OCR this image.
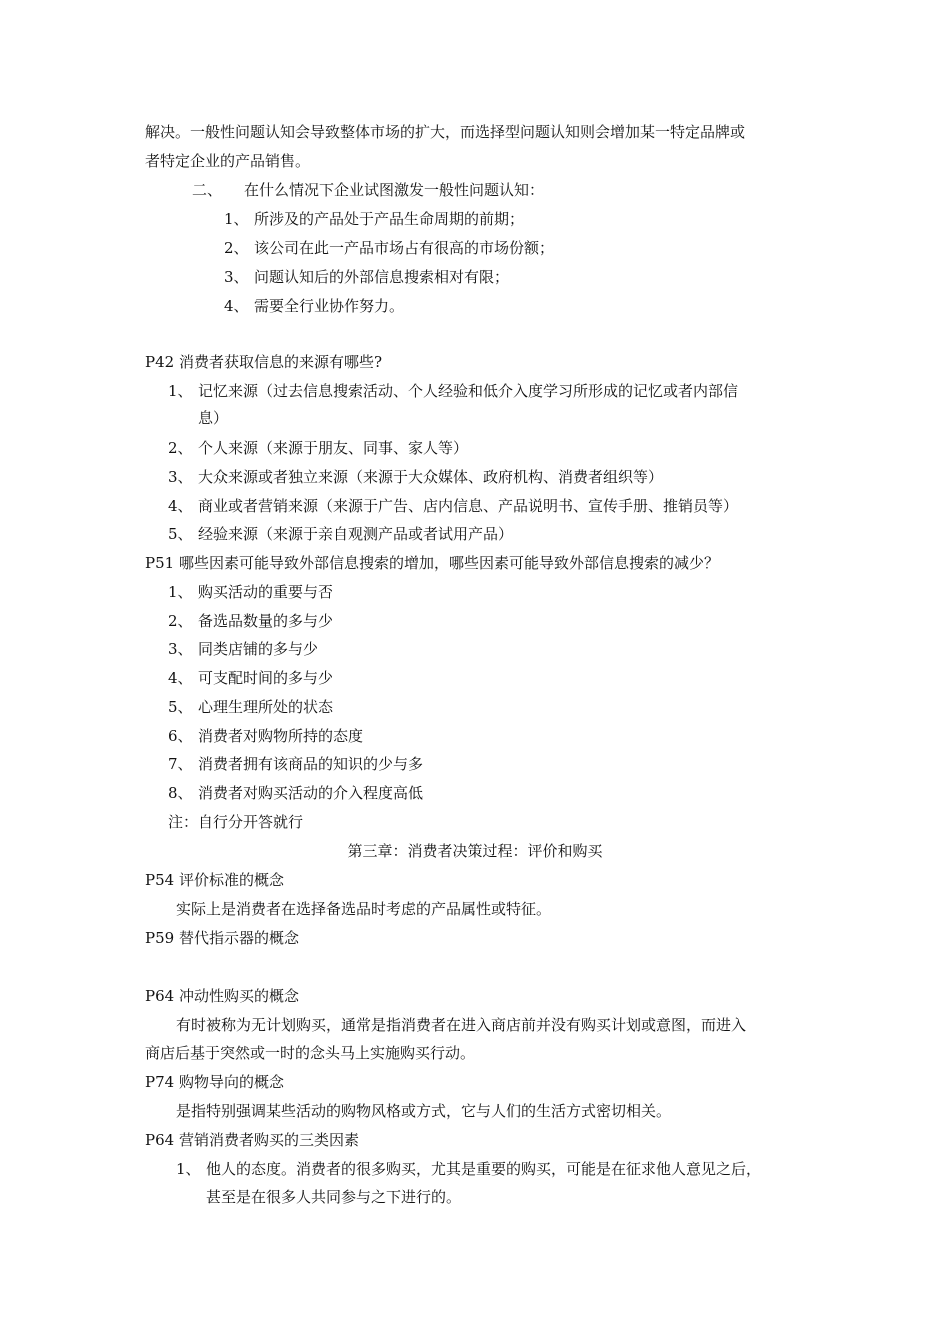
解决。一般性问题认知会导致整体市场的扩大，而选择型问题认知则会增加某一特定品牌或
者特定企业的产品销售。
二、 在什么情况下企业试图激发一般性问题认知：
1、 所涉及的产品处于产品生命周期的前期；
2、 该公司在此一产品市场占有很高的市场份额；
3、 问题认知后的外部信息搜索相对有限；
4、 需要全行业协作努力。
P42 消费者获取信息的来源有哪些?
1、 记忆来源（过去信息搜索活动、个人经验和低介入度学习所形成的记忆或者内部信
息）
2、 个人来源（来源于朋友、同事、家人等）
3、 大众来源或者独立来源（来源于大众媒体、政府机构、消费者组织等）
4、 商业或者营销来源（来源于广告、店内信息、产品说明书、宣传手册、推销员等）
5、 经验来源（来源于亲自观测产品或者试用产品）
P51 哪些因素可能导致外部信息搜索的增加，哪些因素可能导致外部信息搜索的减少？
1、 购买活动的重要与否
2、 备选品数量的多与少
3、 同类店铺的多与少
4、 可支配时间的多与少
5、 心理生理所处的状态
6、 消费者对购物所持的态度
7、 消费者拥有该商品的知识的少与多
8、 消费者对购买活动的介入程度高低
注：自行分开答就行
第三章：消费者决策过程：评价和购买
P54 评价标准的概念
实际上是消费者在选择备选品时考虑的产品属性或特征。
P59 替代指示器的概念
P64 冲动性购买的概念
有时被称为无计划购买，通常是指消费者在进入商店前并没有购买计划或意图，而进入
商店后基于突然或一时的念头马上实施购买行动。
P74 购物导向的概念
是指特别强调某些活动的购物风格或方式，它与人们的生活方式密切相关。
P64 营销消费者购买的三类因素
1、 他人的态度。消费者的很多购买，尤其是重要的购买，可能是在征求他人意见之后，
甚至是在很多人共同参与之下进行的。
